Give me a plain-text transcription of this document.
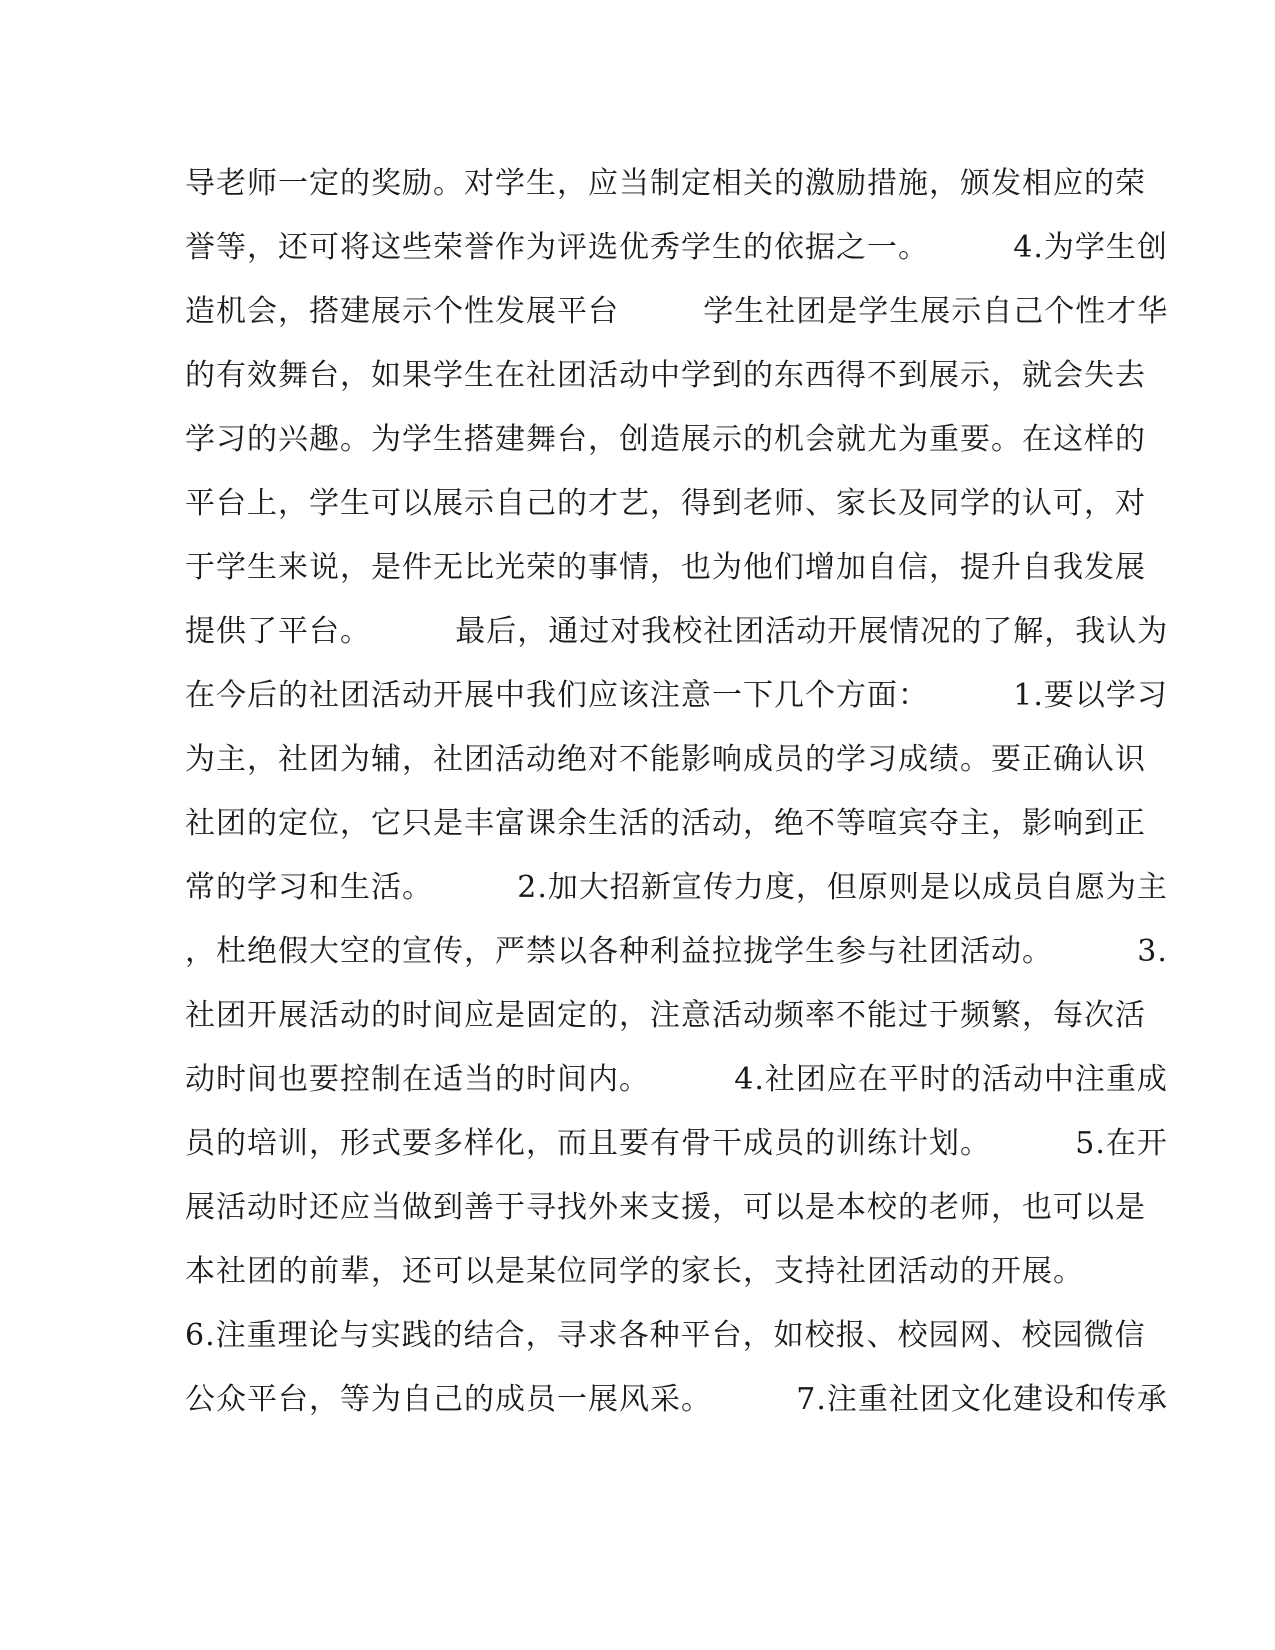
导老师一定的奖励。对学生，应当制定相关的激励措施，颁发相应的荣
誉等，还可将这些荣誉作为评选优秀学生的依据之一。        4.为学生创
造机会，搭建展示个性发展平台        学生社团是学生展示自己个性才华
的有效舞台，如果学生在社团活动中学到的东西得不到展示，就会失去
学习的兴趣。为学生搭建舞台，创造展示的机会就尤为重要。在这样的
平台上，学生可以展示自己的才艺，得到老师、家长及同学的认可，对
于学生来说，是件无比光荣的事情，也为他们增加自信，提升自我发展
提供了平台。        最后，通过对我校社团活动开展情况的了解，我认为
在今后的社团活动开展中我们应该注意一下几个方面：        1.要以学习
为主，社团为辅，社团活动绝对不能影响成员的学习成绩。要正确认识
社团的定位，它只是丰富课余生活的活动，绝不等喧宾夺主，影响到正
常的学习和生活。        2.加大招新宣传力度，但原则是以成员自愿为主
，杜绝假大空的宣传，严禁以各种利益拉拢学生参与社团活动。        3.
社团开展活动的时间应是固定的，注意活动频率不能过于频繁，每次活
动时间也要控制在适当的时间内。        4.社团应在平时的活动中注重成
员的培训，形式要多样化，而且要有骨干成员的训练计划。        5.在开
展活动时还应当做到善于寻找外来支援，可以是本校的老师，也可以是
本社团的前辈，还可以是某位同学的家长，支持社团活动的开展。
6.注重理论与实践的结合，寻求各种平台，如校报、校园网、校园微信
公众平台，等为自己的成员一展风采。        7.注重社团文化建设和传承
